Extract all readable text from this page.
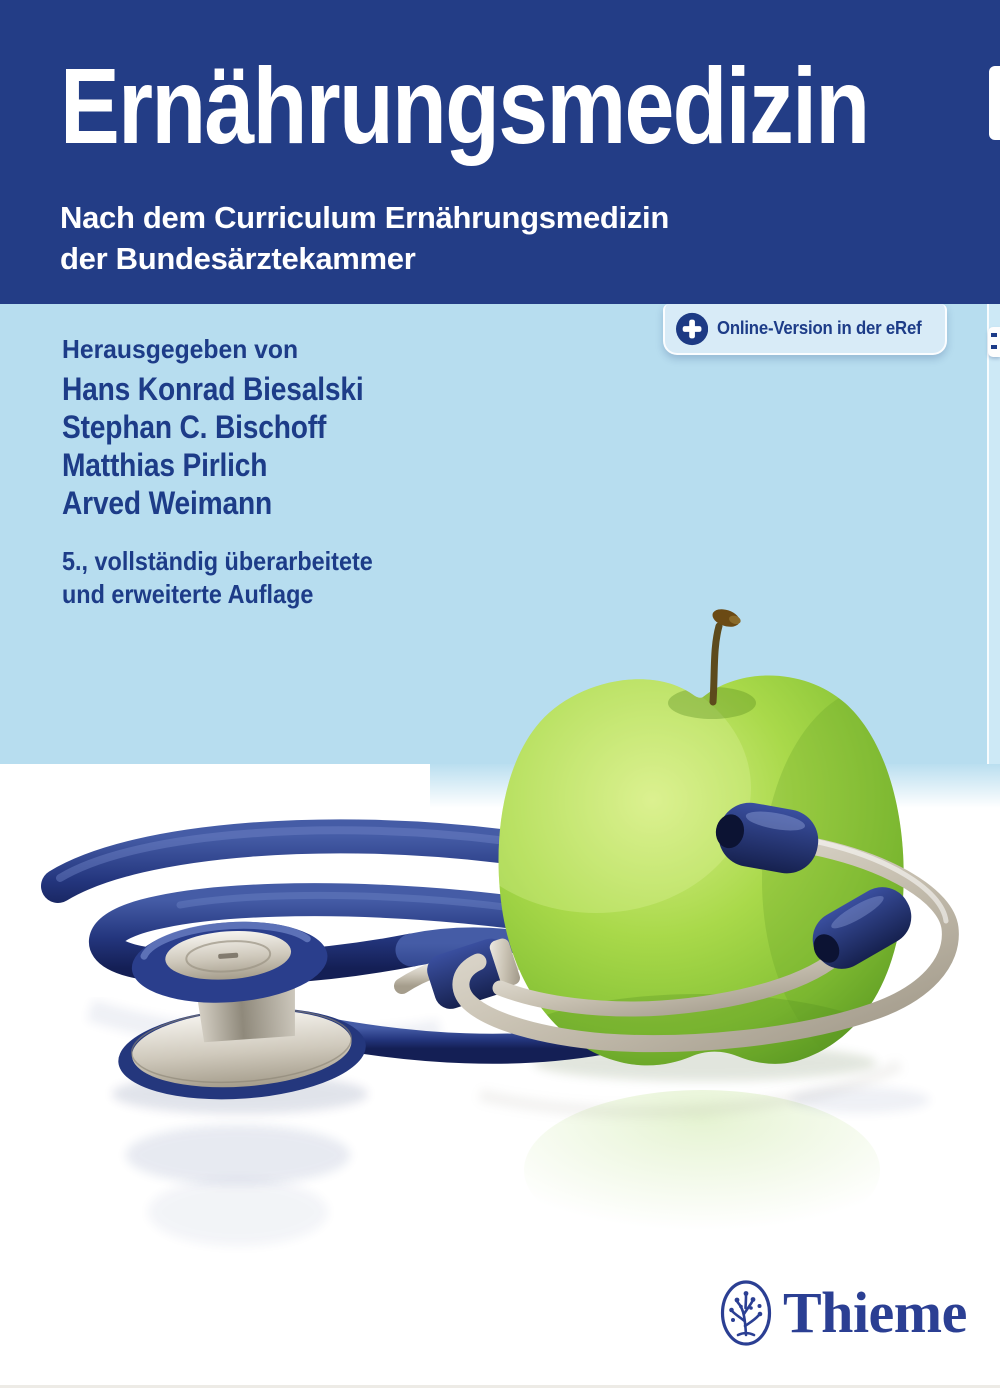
Ernährungsmedizin
Nach dem Curriculum Ernährungsmedizin
der Bundesärztekammer
Online-Version in der eRef
Herausgegeben von
Hans Konrad Biesalski
Stephan C. Bischoff
Matthias Pirlich
Arved Weimann
5., vollständig überarbeitete
und erweiterte Auflage
Thieme
